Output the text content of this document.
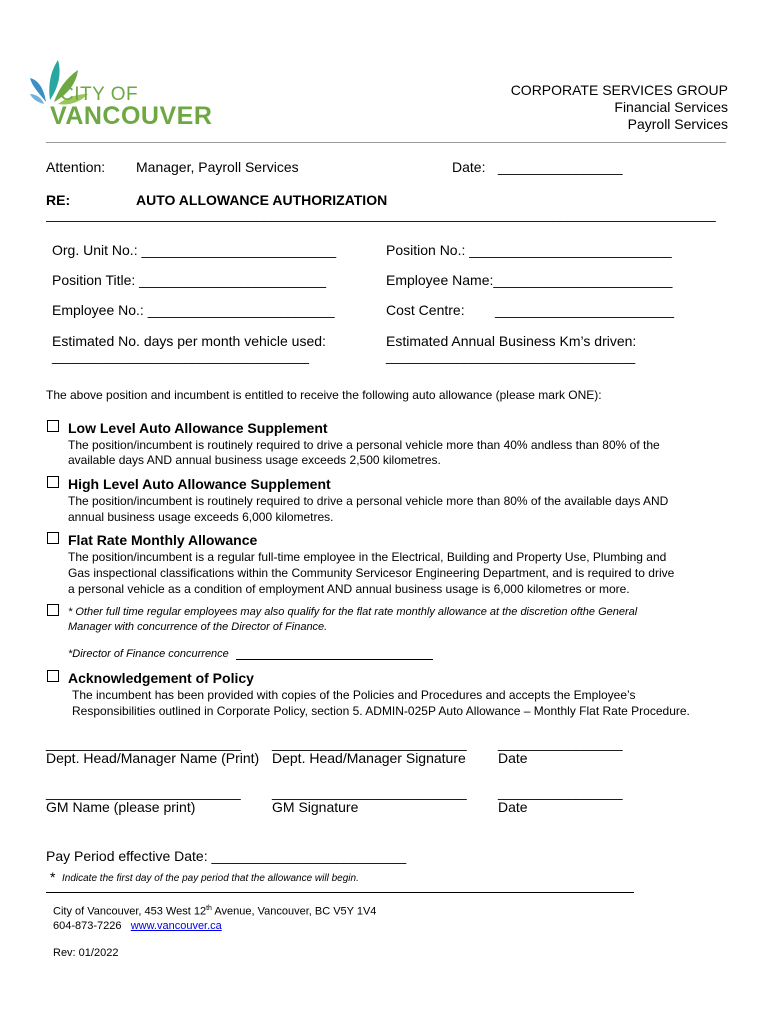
CITY OF
VANCOUVER
CORPORATE SERVICES GROUP
Financial Services
Payroll Services
Attention: Manager, Payroll Services	Date: ________________
RE:	AUTO ALLOWANCE AUTHORIZATION
______________________________________________________________________________________
Org. Unit No.: _________________________	Position No.: __________________________
Position Title: ________________________	Employee Name:_______________________
Employee No.: ________________________	Cost Centre: _______________________
Estimated No. days per month vehicle used:	Estimated Annual Business Km’s driven:
_________________________________	________________________________
The above position and incumbent is entitled to receive the following auto allowance (please mark ONE):
Low Level Auto Allowance Supplement
The position/incumbent is routinely required to drive a personal vehicle more than 40% andless than 80% of the
available days AND annual business usage exceeds 2,500 kilometres.
High Level Auto Allowance Supplement
The position/incumbent is routinely required to drive a personal vehicle more than 80% of the available days AND
annual business usage exceeds 6,000 kilometres.
Flat Rate Monthly Allowance
The position/incumbent is a regular full-time employee in the Electrical, Building and Property Use, Plumbing and
Gas inspectional classifications within the Community Servicesor Engineering Department, and is required to drive
a personal vehicle as a condition of employment AND annual business usage is 6,000 kilometres or more.
* Other full time regular employees may also qualify for the flat rate monthly allowance at the discretion ofthe General
Manager with concurrence of the Director of Finance.
*Director of Finance concurrence
Acknowledgement of Policy
The incumbent has been provided with copies of the Policies and Procedures and accepts the Employee’s
Responsibilities outlined in Corporate Policy, section 5. ADMIN-025P Auto Allowance – Monthly Flat Rate Procedure.
_________________________ _________________________ ________________
Dept. Head/Manager Name (Print) Dept. Head/Manager Signature Date
_________________________ _________________________ ________________
GM Name (please print)	GM Signature	Date
Pay Period effective Date: _________________________
* Indicate the first day of the pay period that the allowance will begin.
City of Vancouver, 453 West 12th Avenue, Vancouver, BC V5Y 1V4
604-873-7226 www.vancouver.ca
Rev: 01/2022
